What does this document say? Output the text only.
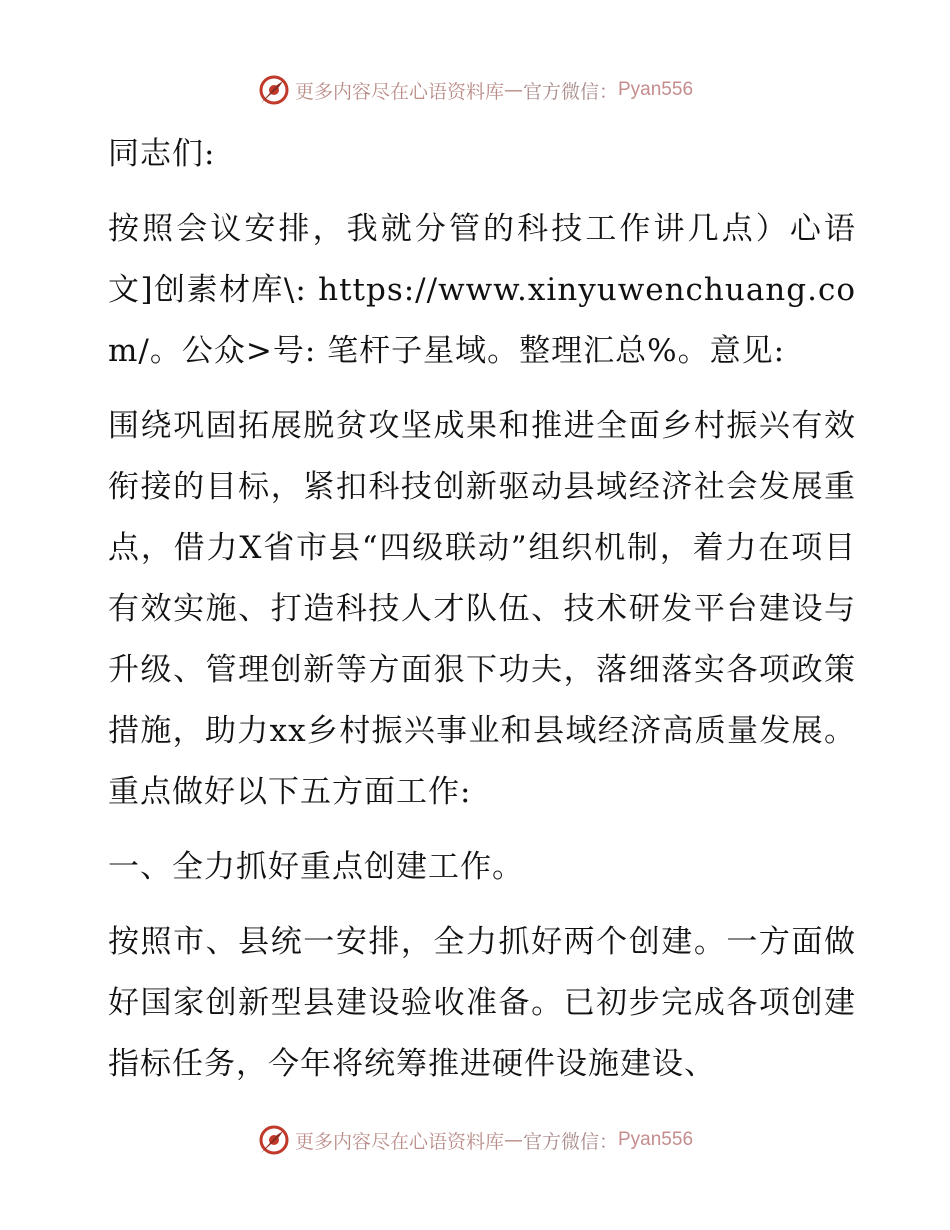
更多内容尽在心语资料库 — 官方微信： Pyan556

同志们:

按照会议安排，我就分管的科技工作讲几点）心语文]创素材库\: https://www.xinyuwenchuang.com/。公众>号: 笔杆子星域。整理汇总%。意见:

围绕巩固拓展脱贫攻坚成果和推进全面乡村振兴有效衔接的目标，紧扣科技创新驱动县域经济社会发展重点，借力X省市县“四级联动”组织机制，着力在项目有效实施、打造科技人才队伍、技术研发平台建设与升级、管理创新等方面狠下功夫，落细落实各项政策措施，助力xx乡村振兴事业和县域经济高质量发展。重点做好以下五方面工作:

一、全力抓好重点创建工作。

按照市、县统一安排，全力抓好两个创建。一方面做好国家创新型县建设验收准备。已初步完成各项创建指标任务，今年将统筹推进硬件设施建设、

更多内容尽在心语资料库 — 官方微信： Pyan556
